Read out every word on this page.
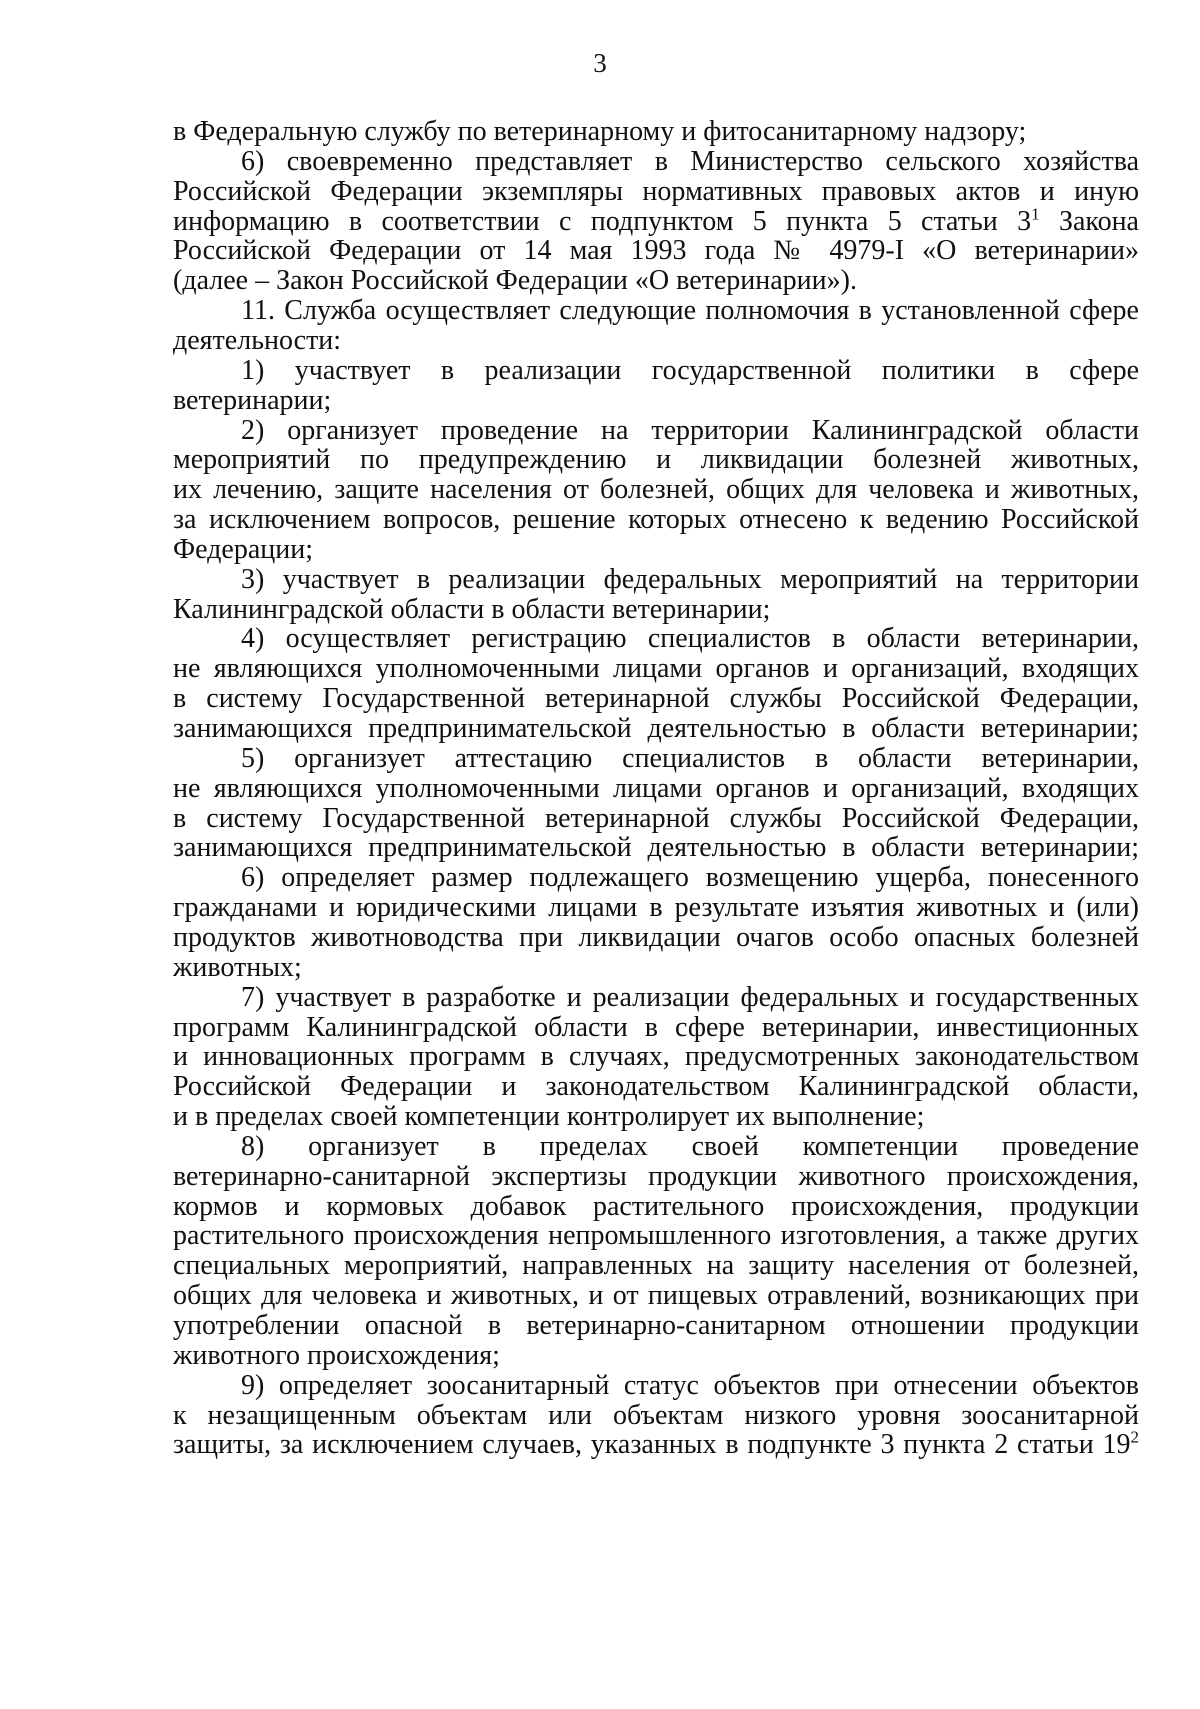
3
в Федеральную службу по ветеринарному и фитосанитарному надзору;
6) своевременно представляет в Министерство сельского хозяйства
Российской Федерации экземпляры нормативных правовых актов и иную
информацию в соответствии с подпунктом 5 пункта 5 статьи $3^1$ Закона
Российской Федерации от 14 мая 1993 года № 4979-I «О ветеринарии»
(далее – Закон Российской Федерации «О ветеринарии»).
11. Служба осуществляет следующие полномочия в установленной сфере
деятельности:
1) участвует в реализации государственной политики в сфере
ветеринарии;
2) организует проведение на территории Калининградской области
мероприятий по предупреждению и ликвидации болезней животных,
их лечению, защите населения от болезней, общих для человека и животных,
за исключением вопросов, решение которых отнесено к ведению Российской
Федерации;
3) участвует в реализации федеральных мероприятий на территории
Калининградской области в области ветеринарии;
4) осуществляет регистрацию специалистов в области ветеринарии,
не являющихся уполномоченными лицами органов и организаций, входящих
в систему Государственной ветеринарной службы Российской Федерации,
занимающихся предпринимательской деятельностью в области ветеринарии;
5) организует аттестацию специалистов в области ветеринарии,
не являющихся уполномоченными лицами органов и организаций, входящих
в систему Государственной ветеринарной службы Российской Федерации,
занимающихся предпринимательской деятельностью в области ветеринарии;
6) определяет размер подлежащего возмещению ущерба, понесенного
гражданами и юридическими лицами в результате изъятия животных и (или)
продуктов животноводства при ликвидации очагов особо опасных болезней
животных;
7) участвует в разработке и реализации федеральных и государственных
программ Калининградской области в сфере ветеринарии, инвестиционных
и инновационных программ в случаях, предусмотренных законодательством
Российской Федерации и законодательством Калининградской области,
и в пределах своей компетенции контролирует их выполнение;
8) организует в пределах своей компетенции проведение
ветеринарно-санитарной экспертизы продукции животного происхождения,
кормов и кормовых добавок растительного происхождения, продукции
растительного происхождения непромышленного изготовления, а также других
специальных мероприятий, направленных на защиту населения от болезней,
общих для человека и животных, и от пищевых отравлений, возникающих при
употреблении опасной в ветеринарно-санитарном отношении продукции
животного происхождения;
9) определяет зоосанитарный статус объектов при отнесении объектов
к незащищенным объектам или объектам низкого уровня зоосанитарной
защиты, за исключением случаев, указанных в подпункте 3 пункта 2 статьи $19^2$
